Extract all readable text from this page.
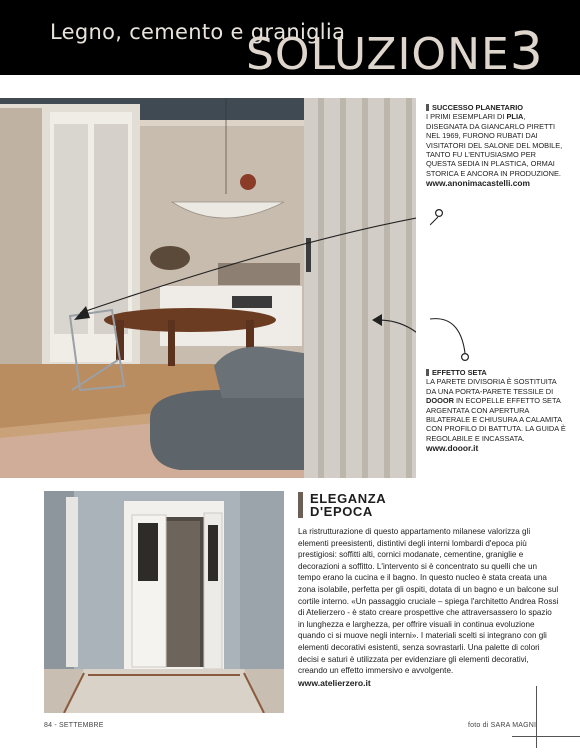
Legno, cemento e graniglia
SOLUZIONE3
SUCCESSO PLANETARIO
I PRIMI ESEMPLARI DI PLIA, DISEGNATA DA GIANCARLO PIRETTI NEL 1969, FURONO RUBATI DAI VISITATORI DEL SALONE DEL MOBILE, TANTO FU L'ENTUSIASMO PER QUESTA SEDIA IN PLASTICA, ORMAI STORICA E ANCORA IN PRODUZIONE.
www.anonimacastelli.com
EFFETTO SETA
LA PARETE DIVISORIA È SOSTITUITA DA UNA PORTA-PARETE TESSILE DI DOOOR IN ECOPELLE EFFETTO SETA ARGENTATA CON APERTURA BILATERALE E CHIUSURA A CALAMITA CON PROFILO DI BATTUTA. LA GUIDA È REGOLABILE E INCASSATA.
www.dooor.it
ELEGANZA
D'EPOCA
La ristrutturazione di questo appartamento milanese valorizza gli elementi preesistenti, distintivi degli interni lombardi d'epoca più prestigiosi: soffitti alti, cornici modanate, cementine, graniglie e decorazioni a soffitto. L'intervento si è concentrato su quelli che un tempo erano la cucina e il bagno. In questo nucleo è stata creata una zona isolabile, perfetta per gli ospiti, dotata di un bagno e un balcone sul cortile interno. «Un passaggio cruciale – spiega l'architetto Andrea Rossi di Atelierzero - è stato creare prospettive che attraversassero lo spazio in lunghezza e larghezza, per offrire visuali in continua evoluzione quando ci si muove negli interni». I materiali scelti si integrano con gli elementi decorativi esistenti, senza sovrastarli. Una palette di colori decisi e saturi è utilizzata per evidenziare gli elementi decorativi, creando un effetto immersivo e avvolgente.
www.atelierzero.it
84 - SETTEMBRE	foto di SARA MAGNI
